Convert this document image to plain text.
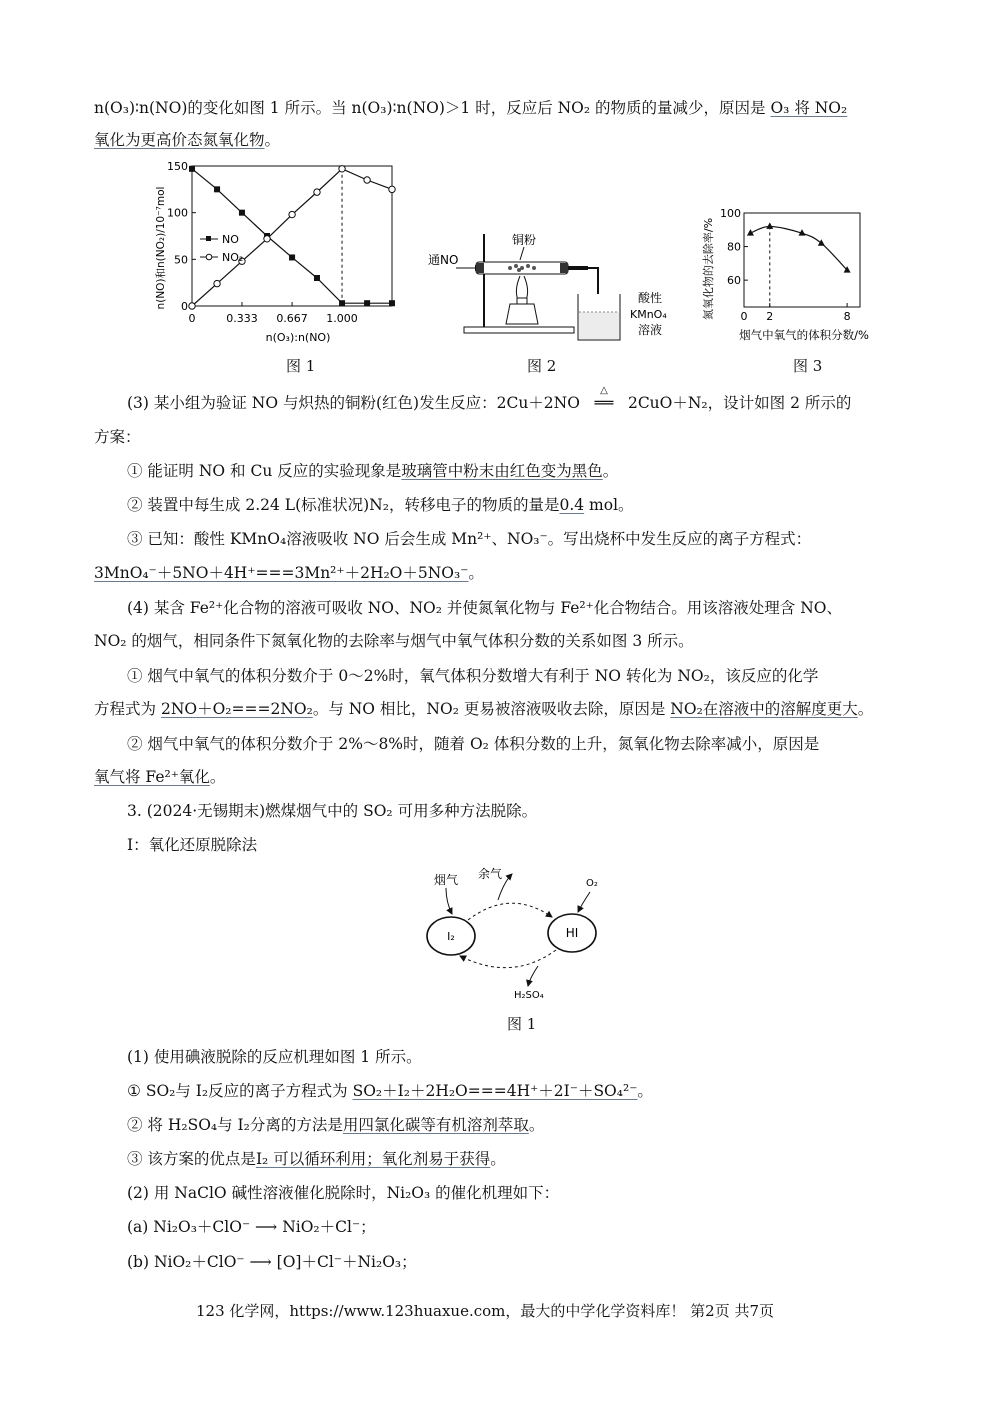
n(O₃)∶n(NO)的变化如图 1 所示。当 n(O₃)∶n(NO)＞1 时，反应后 NO₂ 的物质的量减少，原因是 O₃ 将 NO₂
氧化为更高价态氮氧化物。
150
100
50
0
0	0.333 0.667 1.000
n(NO)和n(NO₂)/10⁻⁷mol
n(O₃):n(NO)
NO
NO₂
图 1
通NO
铜粉
酸性
KMnO₄
溶液
图 2
100
80
60
0 2	8
氮氧化物的去除率/%
烟气中氧气的体积分数/%
图 3
(3) 某小组为验证 NO 与炽热的铜粉(红色)发生反应：2Cu＋2NO
△
══ 2CuO＋N₂，设计如图 2 所示的
方案：
① 能证明 NO 和 Cu 反应的实验现象是玻璃管中粉末由红色变为黑色。
② 装置中每生成 2.24 L(标准状况)N₂，转移电子的物质的量是0.4 mol。
③ 已知：酸性 KMnO₄溶液吸收 NO 后会生成 Mn²⁺、NO₃⁻。写出烧杯中发生反应的离子方程式：
3MnO₄⁻＋5NO＋4H⁺===3Mn²⁺＋2H₂O＋5NO₃⁻。
(4) 某含 Fe²⁺化合物的溶液可吸收 NO、NO₂ 并使氮氧化物与 Fe²⁺化合物结合。用该溶液处理含 NO、
NO₂ 的烟气，相同条件下氮氧化物的去除率与烟气中氧气体积分数的关系如图 3 所示。
① 烟气中氧气的体积分数介于 0～2%时，氧气体积分数增大有利于 NO 转化为 NO₂，该反应的化学
方程式为 2NO＋O₂===2NO₂。与 NO 相比，NO₂ 更易被溶液吸收去除，原因是 NO₂在溶液中的溶解度更大。
② 烟气中氧气的体积分数介于 2%～8%时，随着 O₂ 体积分数的上升，氮氧化物去除率减小，原因是
氧气将 Fe²⁺氧化。
3. (2024·无锡期末)燃煤烟气中的 SO₂ 可用多种方法脱除。
Ⅰ：氧化还原脱除法
I₂	HI
烟气 余气
O₂
H₂SO₄
图 1
(1) 使用碘液脱除的反应机理如图 1 所示。
① SO₂与 I₂反应的离子方程式为 SO₂＋I₂＋2H₂O===4H⁺＋2I⁻＋SO₄²⁻。
② 将 H₂SO₄与 I₂分离的方法是用四氯化碳等有机溶剂萃取。
③ 该方案的优点是I₂ 可以循环利用；氧化剂易于获得。
(2) 用 NaClO 碱性溶液催化脱除时，Ni₂O₃ 的催化机理如下：
(a) Ni₂O₃＋ClO⁻ ⟶ NiO₂＋Cl⁻；
(b) NiO₂＋ClO⁻ ⟶ [O]＋Cl⁻＋Ni₂O₃；
123 化学网，https://www.123huaxue.com，最大的中学化学资料库！ 第2页 共7页
